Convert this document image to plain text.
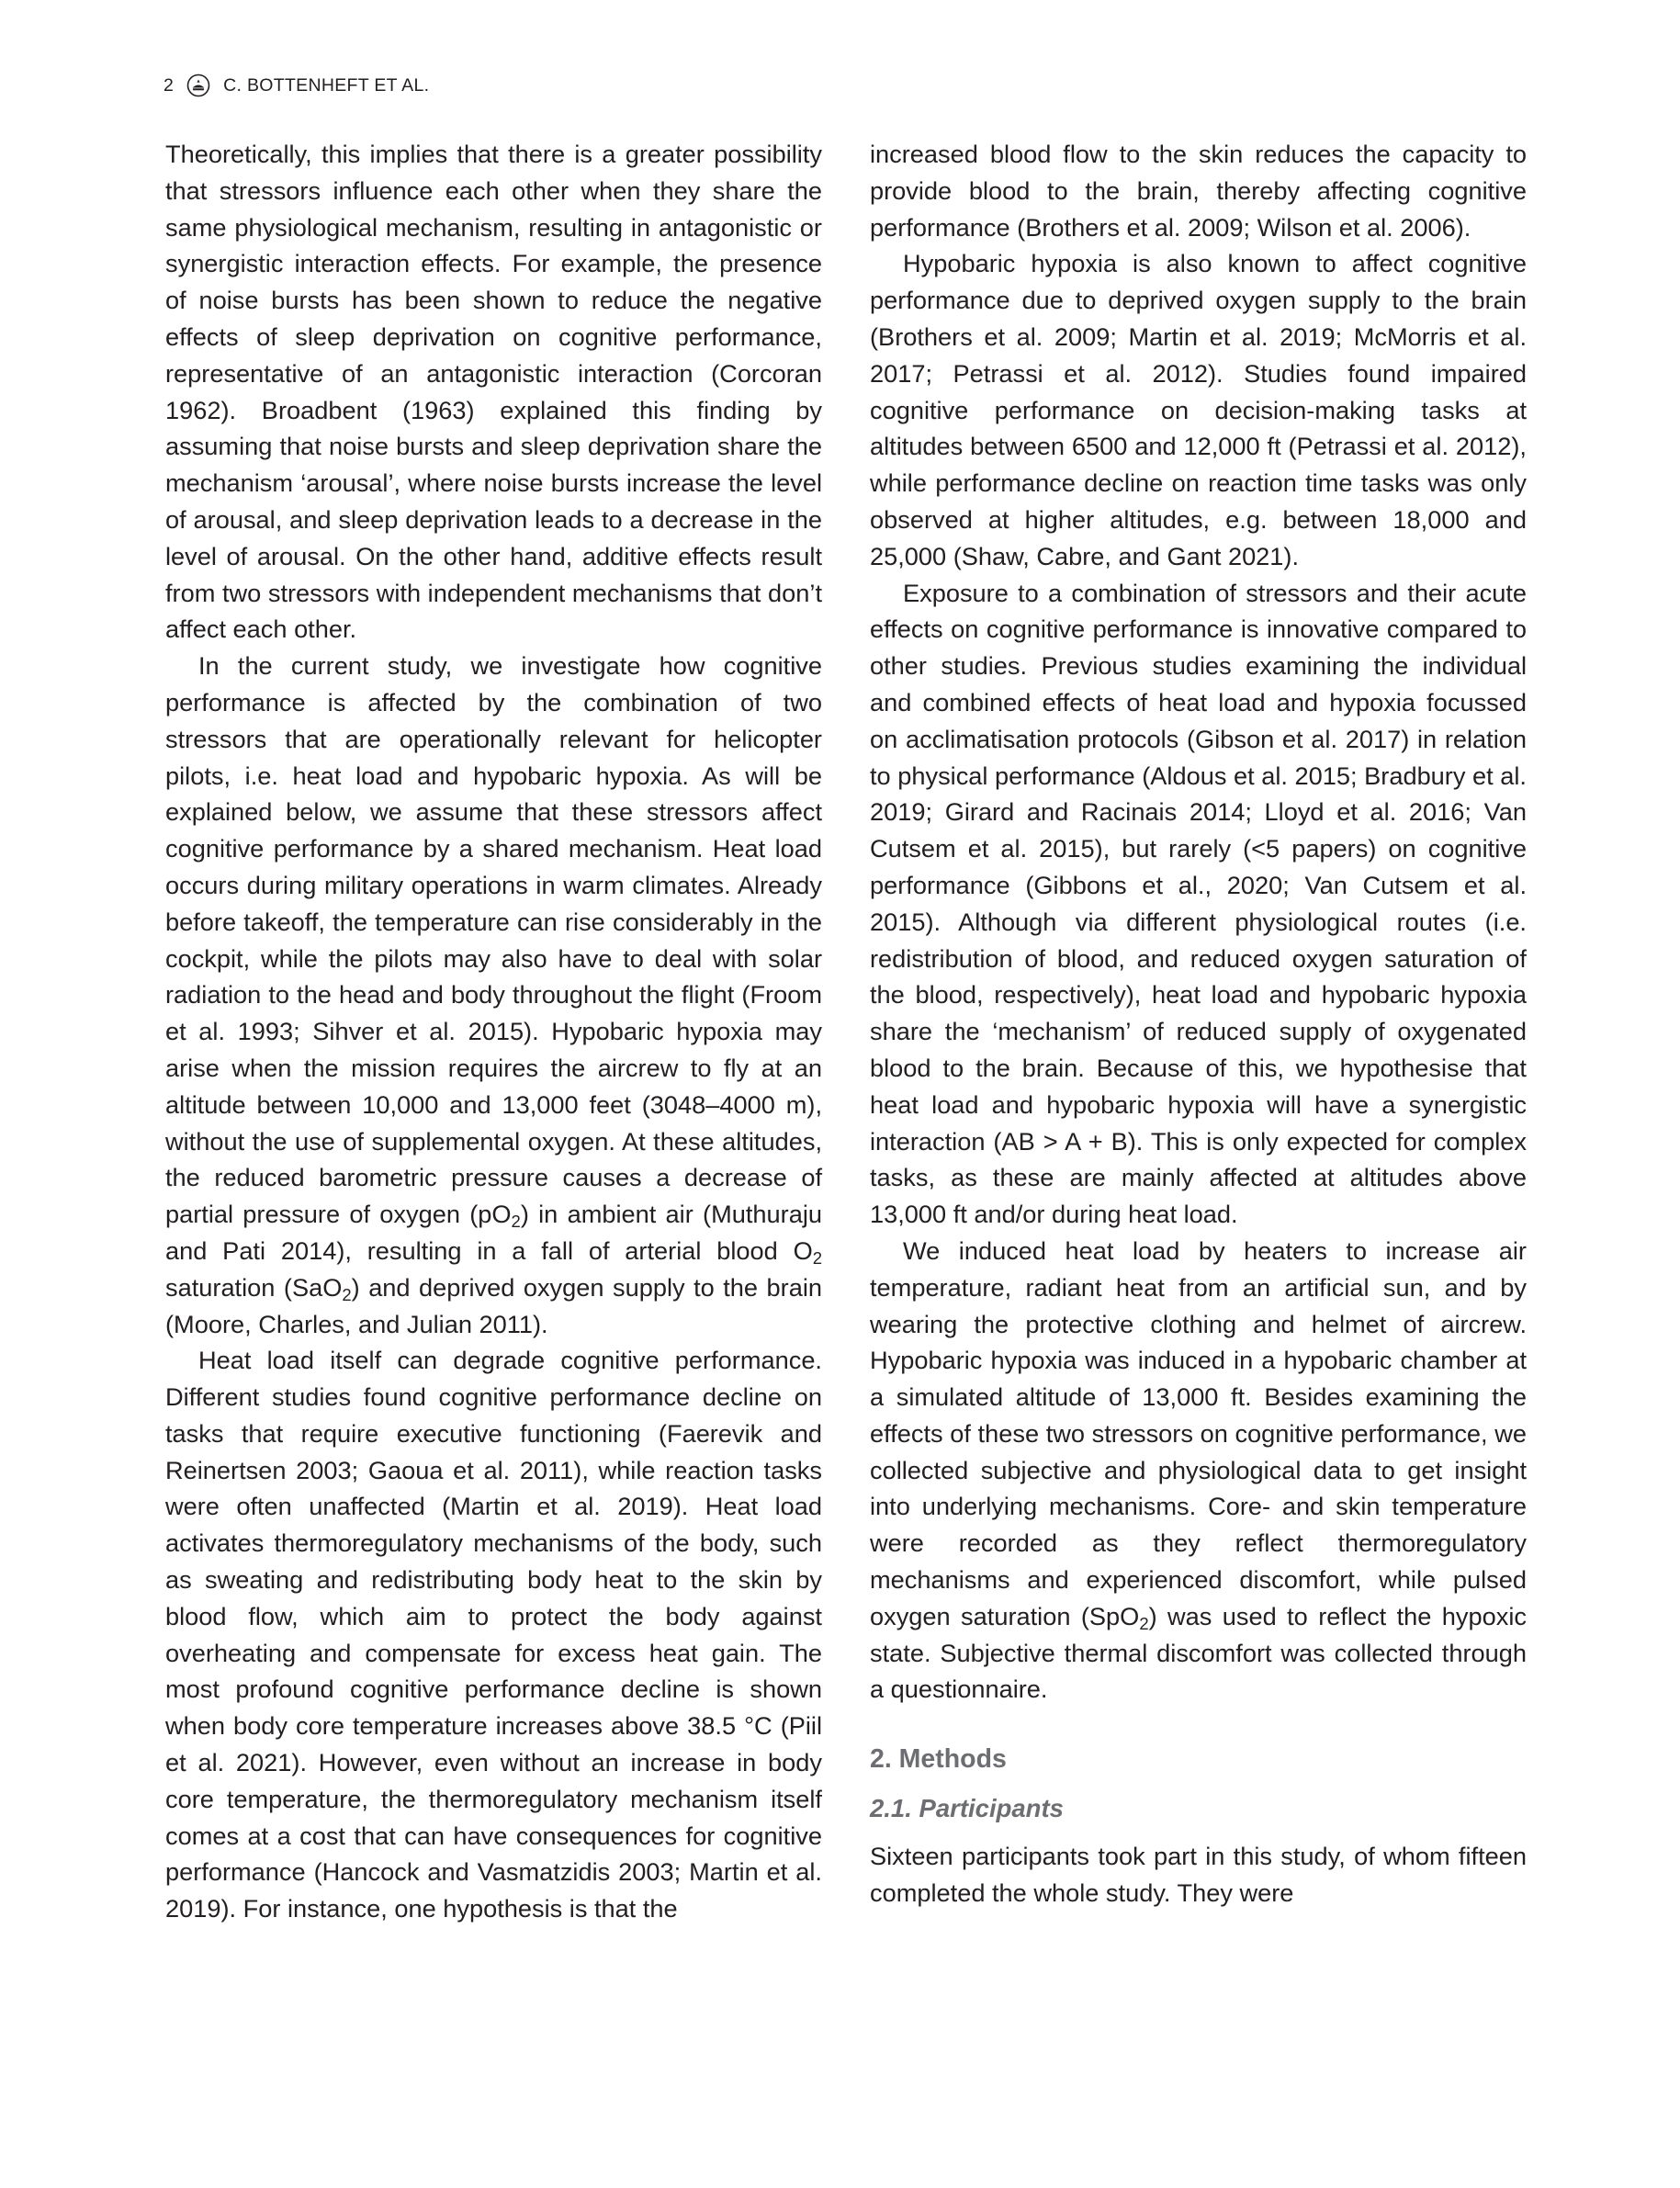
2	C. BOTTENHEFT ET AL.

Theoretically, this implies that there is a greater possibility that stressors influence each other when they share the same physiological mechanism, resulting in antagonistic or synergistic interaction effects. For example, the presence of noise bursts has been shown to reduce the negative effects of sleep deprivation on cognitive performance, representative of an antagonistic interaction (Corcoran 1962). Broadbent (1963) explained this finding by assuming that noise bursts and sleep deprivation share the mechanism ‘arousal’, where noise bursts increase the level of arousal, and sleep deprivation leads to a decrease in the level of arousal. On the other hand, additive effects result from two stressors with independent mechanisms that don’t affect each other.

In the current study, we investigate how cognitive performance is affected by the combination of two stressors that are operationally relevant for helicopter pilots, i.e. heat load and hypobaric hypoxia. As will be explained below, we assume that these stressors affect cognitive performance by a shared mechanism. Heat load occurs during military operations in warm climates. Already before takeoff, the temperature can rise considerably in the cockpit, while the pilots may also have to deal with solar radiation to the head and body throughout the flight (Froom et al. 1993; Sihver et al. 2015). Hypobaric hypoxia may arise when the mission requires the aircrew to fly at an altitude between 10,000 and 13,000 feet (3048–4000 m), without the use of supplemental oxygen. At these altitudes, the reduced barometric pressure causes a decrease of partial pressure of oxygen $(pO_2)$ in ambient air (Muthuraju and Pati 2014), resulting in a fall of arterial blood $O_2$ saturation (SaO$_2$) and deprived oxygen supply to the brain (Moore, Charles, and Julian 2011).

Heat load itself can degrade cognitive performance. Different studies found cognitive performance decline on tasks that require executive functioning (Faerevik and Reinertsen 2003; Gaoua et al. 2011), while reaction tasks were often unaffected (Martin et al. 2019). Heat load activates thermoregulatory mechanisms of the body, such as sweating and redistributing body heat to the skin by blood flow, which aim to protect the body against overheating and compensate for excess heat gain. The most profound cognitive performance decline is shown when body core temperature increases above 38.5 °C (Piil et al. 2021). However, even without an increase in body core temperature, the thermoregulatory mechanism itself comes at a cost that can have consequences for cognitive performance (Hancock and Vasmatzidis 2003; Martin et al. 2019). For instance, one hypothesis is that the

increased blood flow to the skin reduces the capacity to provide blood to the brain, thereby affecting cognitive performance (Brothers et al. 2009; Wilson et al. 2006).

Hypobaric hypoxia is also known to affect cognitive performance due to deprived oxygen supply to the brain (Brothers et al. 2009; Martin et al. 2019; McMorris et al. 2017; Petrassi et al. 2012). Studies found impaired cognitive performance on decision-making tasks at altitudes between 6500 and 12,000 ft (Petrassi et al. 2012), while performance decline on reaction time tasks was only observed at higher altitudes, e.g. between 18,000 and 25,000 (Shaw, Cabre, and Gant 2021).

Exposure to a combination of stressors and their acute effects on cognitive performance is innovative compared to other studies. Previous studies examining the individual and combined effects of heat load and hypoxia focussed on acclimatisation protocols (Gibson et al. 2017) in relation to physical performance (Aldous et al. 2015; Bradbury et al. 2019; Girard and Racinais 2014; Lloyd et al. 2016; Van Cutsem et al. 2015), but rarely (<5 papers) on cognitive performance (Gibbons et al., 2020; Van Cutsem et al. 2015). Although via different physiological routes (i.e. redistribution of blood, and reduced oxygen saturation of the blood, respectively), heat load and hypobaric hypoxia share the ‘mechanism’ of reduced supply of oxygenated blood to the brain. Because of this, we hypothesise that heat load and hypobaric hypoxia will have a synergistic interaction (AB > A + B). This is only expected for complex tasks, as these are mainly affected at altitudes above 13,000 ft and/or during heat load.

We induced heat load by heaters to increase air temperature, radiant heat from an artificial sun, and by wearing the protective clothing and helmet of aircrew. Hypobaric hypoxia was induced in a hypobaric chamber at a simulated altitude of 13,000 ft. Besides examining the effects of these two stressors on cognitive performance, we collected subjective and physiological data to get insight into underlying mechanisms. Core- and skin temperature were recorded as they reflect thermoregulatory mechanisms and experienced discomfort, while pulsed oxygen saturation (SpO$_2$) was used to reflect the hypoxic state. Subjective thermal discomfort was collected through a questionnaire.

2. Methods
2.1. Participants

Sixteen participants took part in this study, of whom fifteen completed the whole study. They were
